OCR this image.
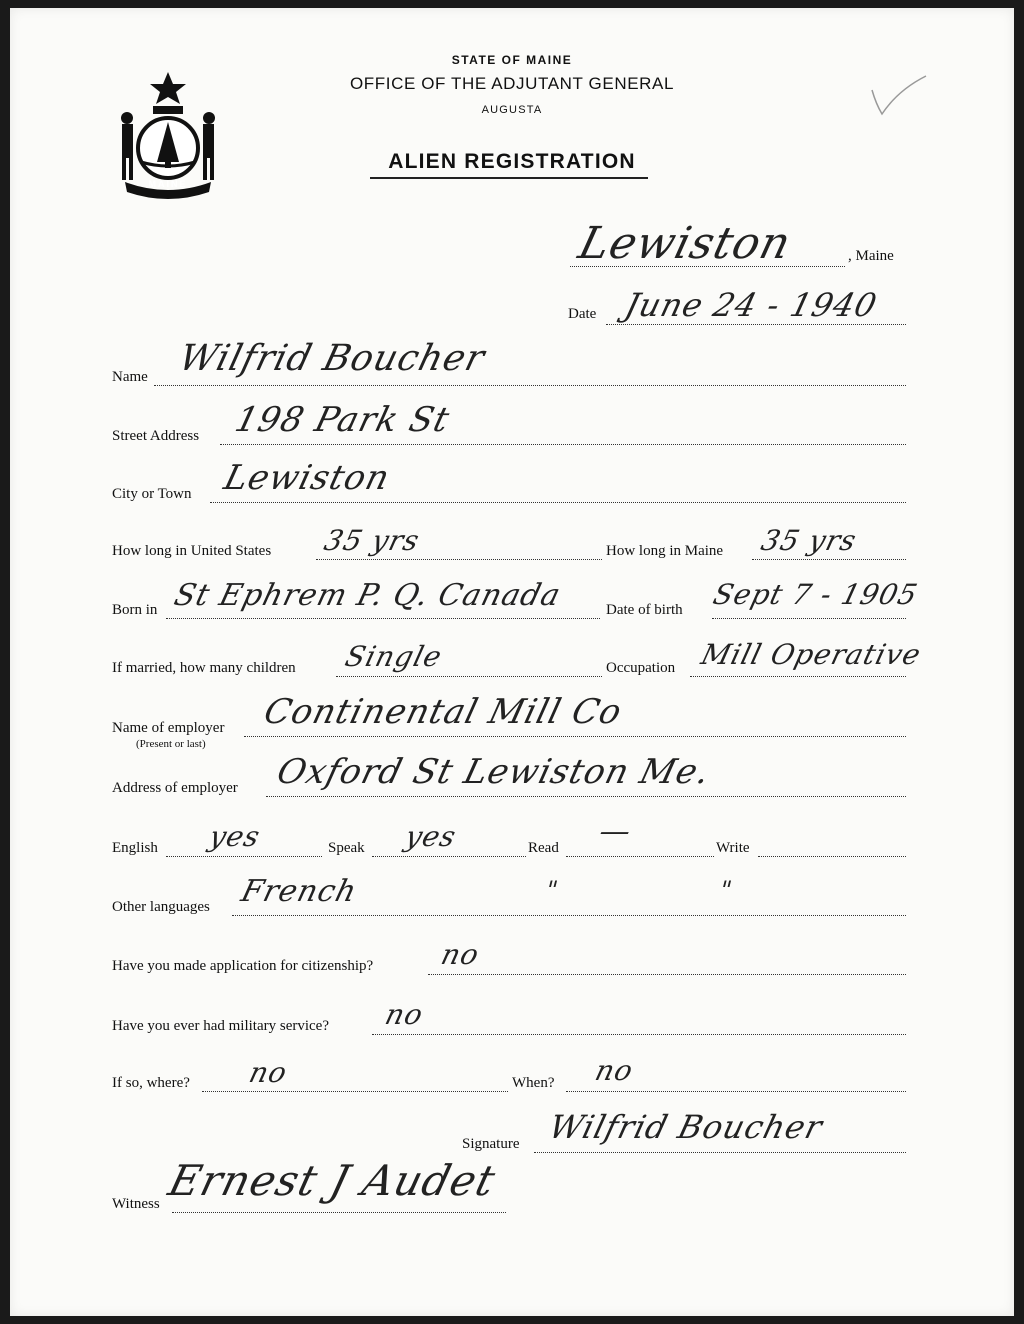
MAINE
STATE OF MAINE
OFFICE OF THE ADJUTANT GENERAL
AUGUSTA
ALIEN REGISTRATION
Lewiston	, Maine
Date June 24 - 1940
Name Wilfrid Boucher
Street Address 198 Park St
City or Town Lewiston
How long in United States 35 yrs	How long in Maine 35 yrs
Born in St Ephrem P. Q. Canada	Date of birth Sept 7 - 1905
If married, how many children Single	Occupation Mill Operative
Name of employer
(Present or last)
Continental Mill Co
Address of employer Oxford St Lewiston Me.
English yes	Speak yes	Read —	Write
Other languages French	"	"
Have you made application for citizenship? no
Have you ever had military service? no
If so, where? no	When? no
Signature Wilfrid Boucher
Witness Ernest J Audet
